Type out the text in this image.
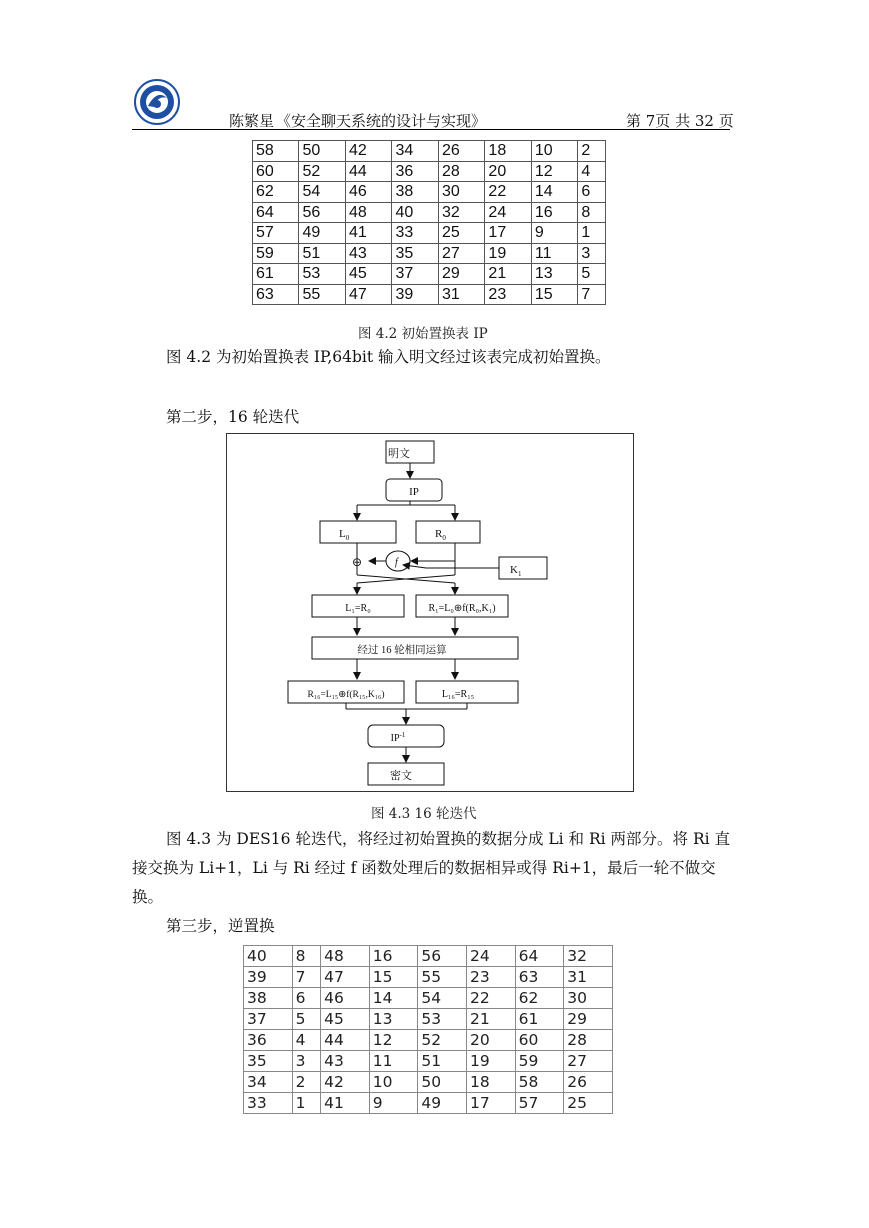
陈繁星 《安全聊天系统的设计与实现》	第 7页 共 32 页
58	50	42	34	26	18	10	2
60	52	44	36	28	20	12	4
62	54	46	38	30	22	14	6
64	56	48	40	32	24	16	8
57	49	41	33	25	17	9	1
59	51	43	35	27	19	11	3
61	53	45	37	29	21	13	5
63	55	47	39	31	23	15	7
图 4.2 初始置换表 IP
图 4.2 为初始置换表 IP,64bit 输入明文经过该表完成初始置换。
第二步，16 轮迭代
明文
IP
$L_0$	$R_0$
⊕	f
$K_1$
L₁=R₀	R₁=L₀⊕f(R₀,K₁)
经过 16 轮相同运算
R₁₆=L₁₅⊕f(R₁₅,K₁₆)	L₁₆=R₁₅
$IP^{-1}$
密文
图 4.3 16 轮迭代
图 4.3 为 DES16 轮迭代，将经过初始置换的数据分成 Li 和 Ri 两部分。将 Ri 直接交换为 Li+1，Li 与 Ri 经过 f 函数处理后的数据相异或得 Ri+1，最后一轮不做交换。
第三步，逆置换
40	8	48	16	56	24	64	32
39	7	47	15	55	23	63	31
38	6	46	14	54	22	62	30
37	5	45	13	53	21	61	29
36	4	44	12	52	20	60	28
35	3	43	11	51	19	59	27
34	2	42	10	50	18	58	26
33	1	41	9	49	17	57	25
